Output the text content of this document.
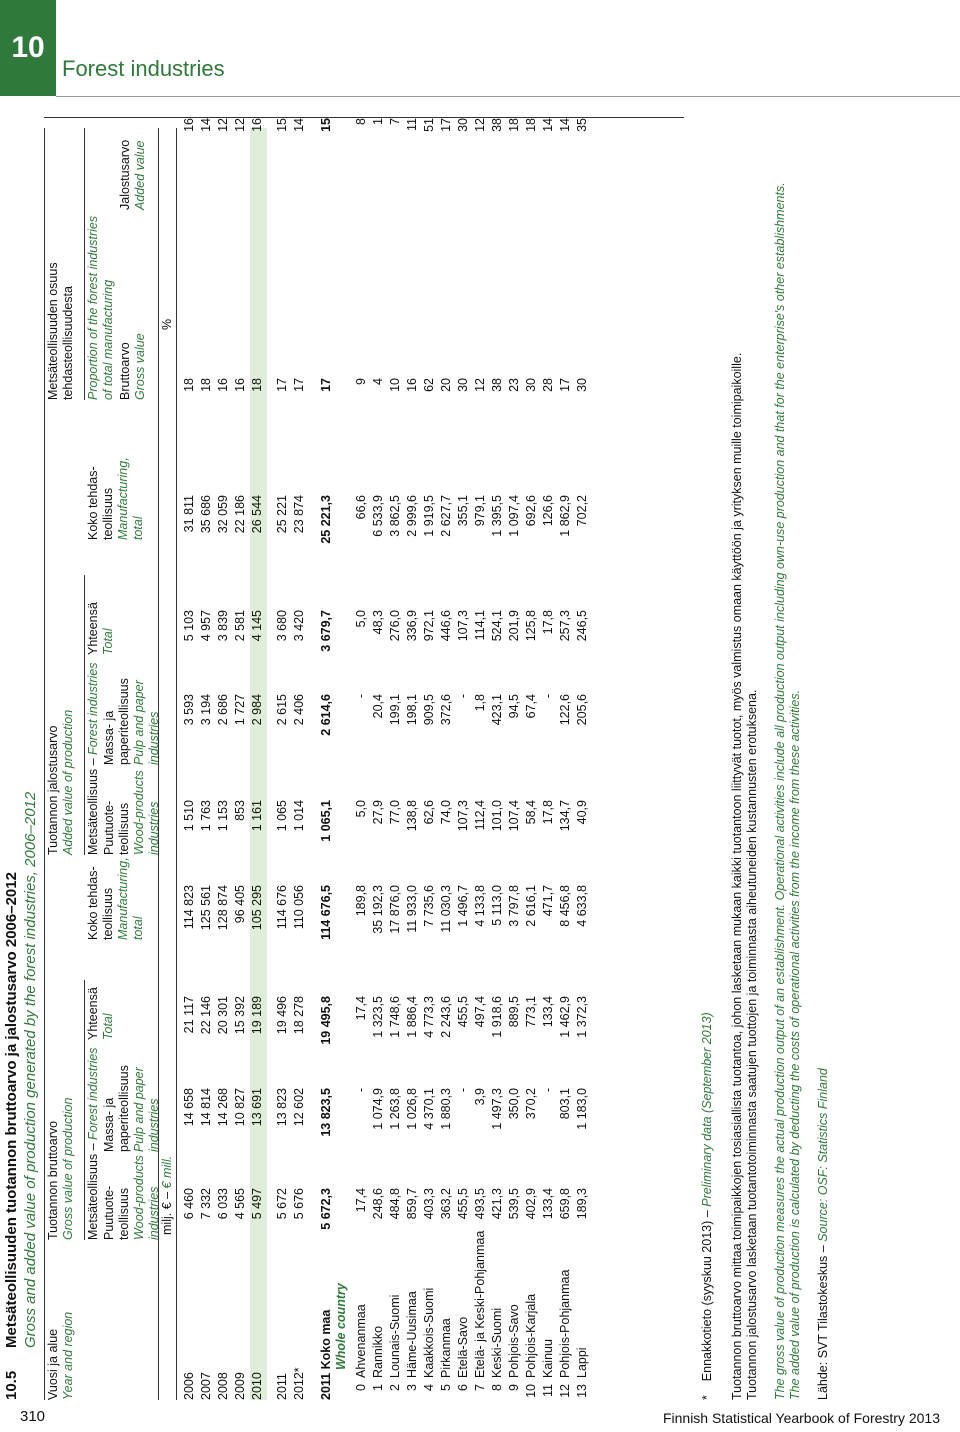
10
Forest industries
10.5Metsäteollisuuden tuotannon bruttoarvo ja jalostusarvo 2006–2012 Gross and added value of production generated by the forest industries, 2006–2012
Vuosi ja alue Year and region
Tuotannon bruttoarvo Gross value of production Metsäteollisuus – Forest industries
Puutuote- teollisuus Wood-products industries
Massa- ja paperiteollisuus Pulp and paper industries
Yhteensä Total
Koko tehdas- teollisuus Manufacturing, total
Tuotannon jalostusarvo Added value of production Metsäteollisuus – Forest industries
Puutuote- teollisuus Wood-products industries
Massa- ja paperiteollisuus Pulp and paper industries
Yhteensä Total
Koko tehdas- teollisuus Manufacturing, total
Metsäteollisuuden osuus tehdasteollisuudesta Proportion of the forest industries of total manufacturing Bruttoarvo Gross value
Jalostusarvo Added value
milj. € – € mill.
%
2006
6 460
14 658
21 117
114 823
1 510
3 593
5 103
31 811
18
16
2007
7 332
14 814
22 146
125 561
1 763
3 194
4 957
35 686
18
14
2008
6 033
14 268
20 301
128 874
1 153
2 686
3 839
32 059
16
12
2009
4 565
10 827
15 392
96 405
853
1 727
2 581
22 186
16
12
2010
5 497
13 691
19 189
105 295
1 161
2 984
4 145
26 544
18
16
2011
5 672
13 823
19 496
114 676
1 065
2 615
3 680
25 221
17
15
2012*
5 676
12 602
18 278
110 056
1 014
2 406
3 420
23 874
17
14
2011 Koko maa
5 672,3
13 823,5
19 495,8
114 676,5
1 065,1
2 614,6
3 679,7
25 221,3
17
15
Whole country
0
Ahvenanmaa
17,4
-
17,4
189,8
5,0
-
5,0
66,6
9
8
1
Rannikko
248,6
1 074,9
1 323,5
35 192,3
27,9
20,4
48,3
6 533,9
4
1
2
Lounais-Suomi
484,8
1 263,8
1 748,6
17 876,0
77,0
199,1
276,0
3 862,5
10
7
3
Häme-Uusimaa
859,7
1 026,8
1 886,4
11 933,0
138,8
198,1
336,9
2 999,6
16
11
4
Kaakkois-Suomi
403,3
4 370,1
4 773,3
7 735,6
62,6
909,5
972,1
1 919,5
62
51
5
Pirkanmaa
363,2
1 880,3
2 243,6
11 030,3
74,0
372,6
446,6
2 627,7
20
17
6
Etelä-Savo
455,5
-
455,5
1 496,7
107,3
-
107,3
355,1
30
30
7
Etelä- ja Keski-Pohjanmaa
493,5
3,9
497,4
4 133,8
112,4
1,8
114,1
979,1
12
12
8
Keski-Suomi
421,3
1 497,3
1 918,6
5 113,0
101,0
423,1
524,1
1 395,5
38
38
9
Pohjois-Savo
539,5
350,0
889,5
3 797,8
107,4
94,5
201,9
1 097,4
23
18
10
Pohjois-Karjala
402,9
370,2
773,1
2 616,1
58,4
67,4
125,8
692,6
30
18
11
Kainuu
133,4
-
133,4
471,7
17,8
-
17,8
126,6
28
14
12
Pohjois-Pohjanmaa
659,8
803,1
1 462,9
8 456,8
134,7
122,6
257,3
1 862,9
17
14
13
Lappi
189,3
1 183,0
1 372,3
4 633,8
40,9
205,6
246,5
702,2
30
35
*    Ennakkotieto (syyskuu 2013) – Preliminary data (September 2013) Tuotannon bruttoarvo mittaa toimipaikkojen tosiasiallista tuotantoa, johon lasketaan mukaan kaikki tuotantoon liittyvät tuotot, myös valmistus omaan käyttöön ja yrityksen muille toimipaikoille. Tuotannon jalostusarvo lasketaan tuotantotoiminnasta saatujen tuottojen ja toiminnasta aiheutuneiden kustannusten erotuksena. The gross value of production measures the actual production output of an establishment. Operational activities include all production output including own-use production and that for the enterprise's other establishments. The added value of production is calculated by deducting the costs of operational activities from the income from these activities. Lähde: SVT Tilastokeskus – Source: OSF: Statistics Finland
310	Finnish Statistical Yearbook of Forestry 2013
